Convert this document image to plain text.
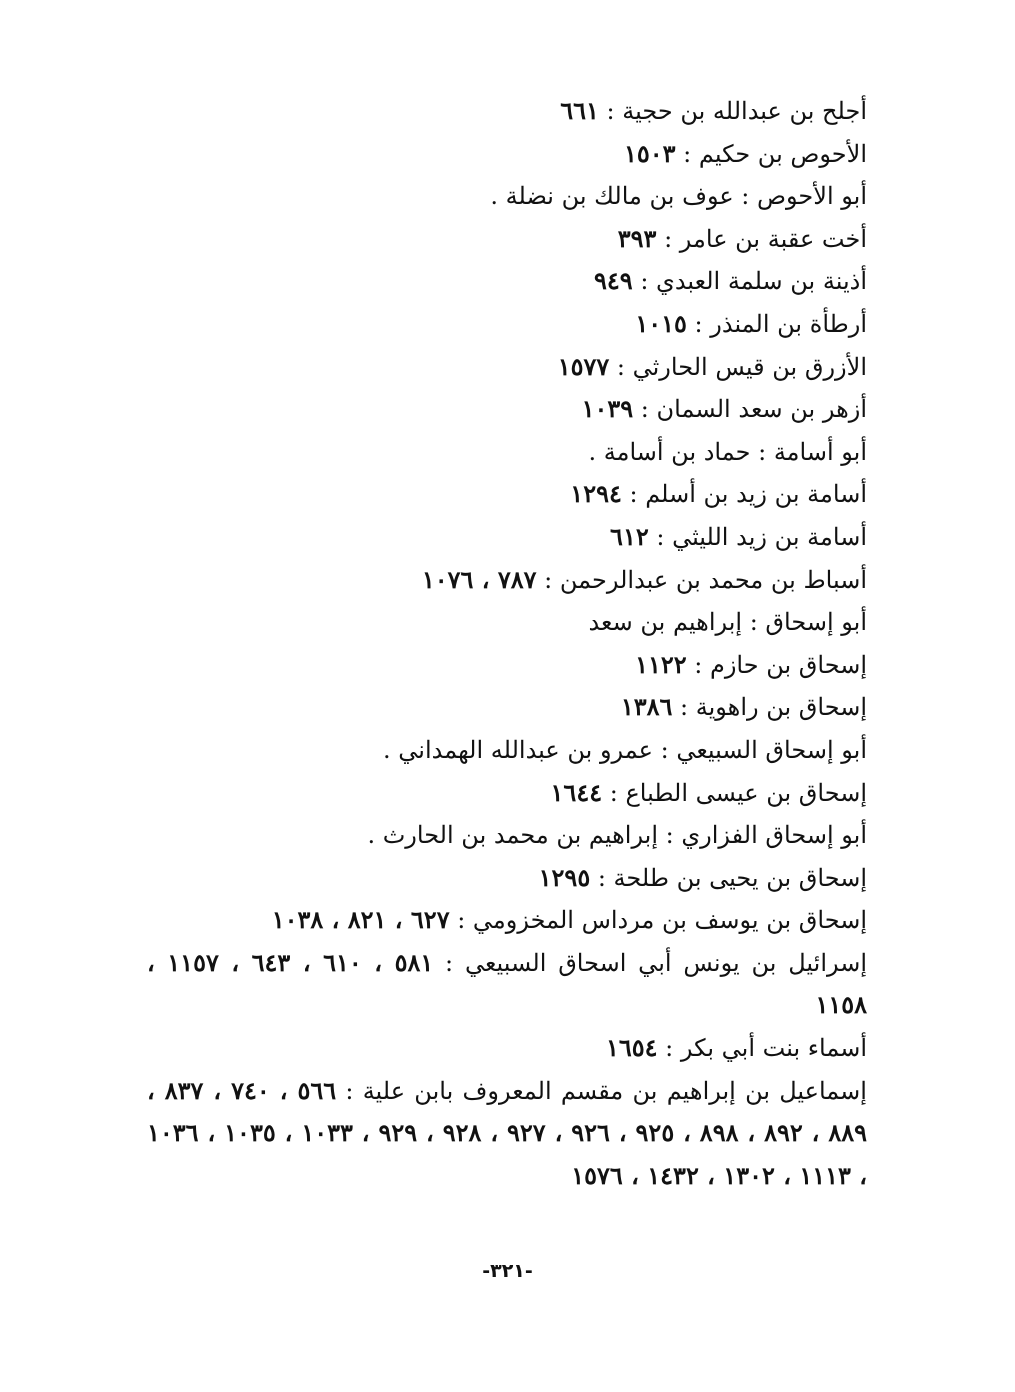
أجلح بن عبدالله بن حجية : ٦٦١

الأحوص بن حكيم : ١٥٠٣

أبو الأحوص : عوف بن مالك بن نضلة .

أخت عقبة بن عامر : ٣٩٣

أذينة بن سلمة العبدي : ٩٤٩

أرطأة بن المنذر : ١٠١٥

الأزرق بن قيس الحارثي : ١٥٧٧

أزهر بن سعد السمان : ١٠٣٩

أبو أسامة : حماد بن أسامة .

أسامة بن زيد بن أسلم : ١٢٩٤

أسامة بن زيد الليثي : ٦١٢

أسباط بن محمد بن عبدالرحمن : ٧٨٧ ، ١٠٧٦

أبو إسحاق : إبراهيم بن سعد

إسحاق بن حازم : ١١٢٢

إسحاق بن راهوية : ١٣٨٦

أبو إسحاق السبيعي : عمرو بن عبدالله الهمداني .

إسحاق بن عيسى الطباع : ١٦٤٤

أبو إسحاق الفزاري : إبراهيم بن محمد بن الحارث .

إسحاق بن يحيى بن طلحة : ١٢٩٥

إسحاق بن يوسف بن مرداس المخزومي : ٦٢٧ ، ٨٢١ ، ١٠٣٨

إسرائيل بن يونس أبي اسحاق السبيعي : ٥٨١ ، ٦١٠ ، ٦٤٣ ، ١١٥٧ ، ١١٥٨

أسماء بنت أبي بكر : ١٦٥٤

إسماعيل بن إبراهيم بن مقسم المعروف بابن علية : ٥٦٦ ، ٧٤٠ ، ٨٣٧ ، ٨٨٩ ، ٨٩٢ ، ٨٩٨ ، ٩٢٥ ، ٩٢٦ ، ٩٢٧ ، ٩٢٨ ، ٩٢٩ ، ١٠٣٣ ، ١٠٣٥ ، ١٠٣٦ ، ١١١٣ ، ١٣٠٢ ، ١٤٣٢ ، ١٥٧٦

-٣٢١-
